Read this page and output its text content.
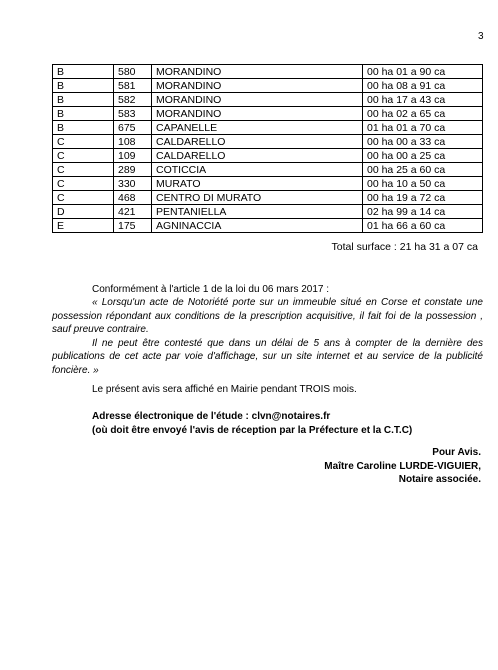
3
B	580	MORANDINO	00 ha 01 a 90 ca
B	581	MORANDINO	00 ha 08 a 91 ca
B	582	MORANDINO	00 ha 17 a 43 ca
B	583	MORANDINO	00 ha 02 a 65 ca
B	675	CAPANELLE	01 ha 01 a 70 ca
C	108	CALDARELLO	00 ha 00 a 33 ca
C	109	CALDARELLO	00 ha 00 a 25 ca
C	289	COTICCIA	00 ha 25 a 60 ca
C	330	MURATO	00 ha 10 a 50 ca
C	468	CENTRO DI MURATO	00 ha 19 a 72 ca
D	421	PENTANIELLA	02 ha 99 a 14 ca
E	175	AGNINACCIA	01 ha 66 a 60 ca
Total surface : 21 ha 31 a 07 ca
Conformément à l'article 1 de la loi du 06 mars 2017 :

« Lorsqu'un acte de Notoriété porte sur un immeuble situé en Corse et constate une possession répondant aux conditions de la prescription acquisitive, il fait foi de la possession , sauf preuve contraire.

Il ne peut être contesté que dans un délai de 5 ans à compter de la dernière des publications de cet acte par voie d'affichage, sur un site internet et au service de la publicité foncière. »

Le présent avis sera affiché en Mairie pendant TROIS mois.
Adresse électronique de l'étude : clvn@notaires.fr
(où doit être envoyé l'avis de réception par la Préfecture et la C.T.C)
Pour Avis.
Maître Caroline LURDE-VIGUIER,
Notaire associée.
